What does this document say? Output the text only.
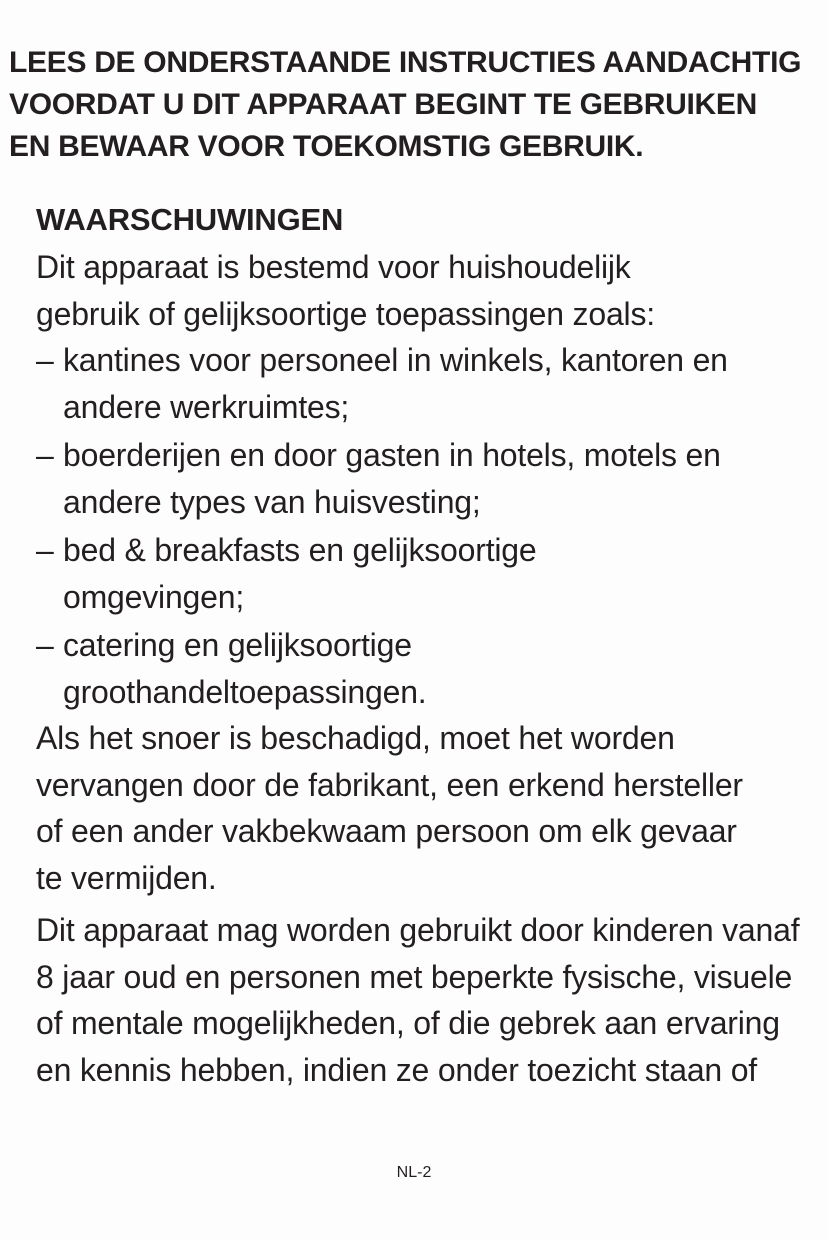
LEES DE ONDERSTAANDE INSTRUCTIES AANDACHTIG
VOORDAT U DIT APPARAAT BEGINT TE GEBRUIKEN
EN BEWAAR VOOR TOEKOMSTIG GEBRUIK.
WAARSCHUWINGEN

Dit apparaat is bestemd voor huishoudelijk gebruik of gelijksoortige toepassingen zoals:

– kantines voor personeel in winkels, kantoren en andere werkruimtes;
– boerderijen en door gasten in hotels, motels en andere types van huisvesting;
– bed & breakfasts en gelijksoortige omgevingen;
– catering en gelijksoortige groothandeltoepassingen.

Als het snoer is beschadigd, moet het worden vervangen door de fabrikant, een erkend hersteller of een ander vakbekwaam persoon om elk gevaar te vermijden.

Dit apparaat mag worden gebruikt door kinderen vanaf 8 jaar oud en personen met beperkte fysische, visuele of mentale mogelijkheden, of die gebrek aan ervaring en kennis hebben, indien ze onder toezicht staan of

NL-2
